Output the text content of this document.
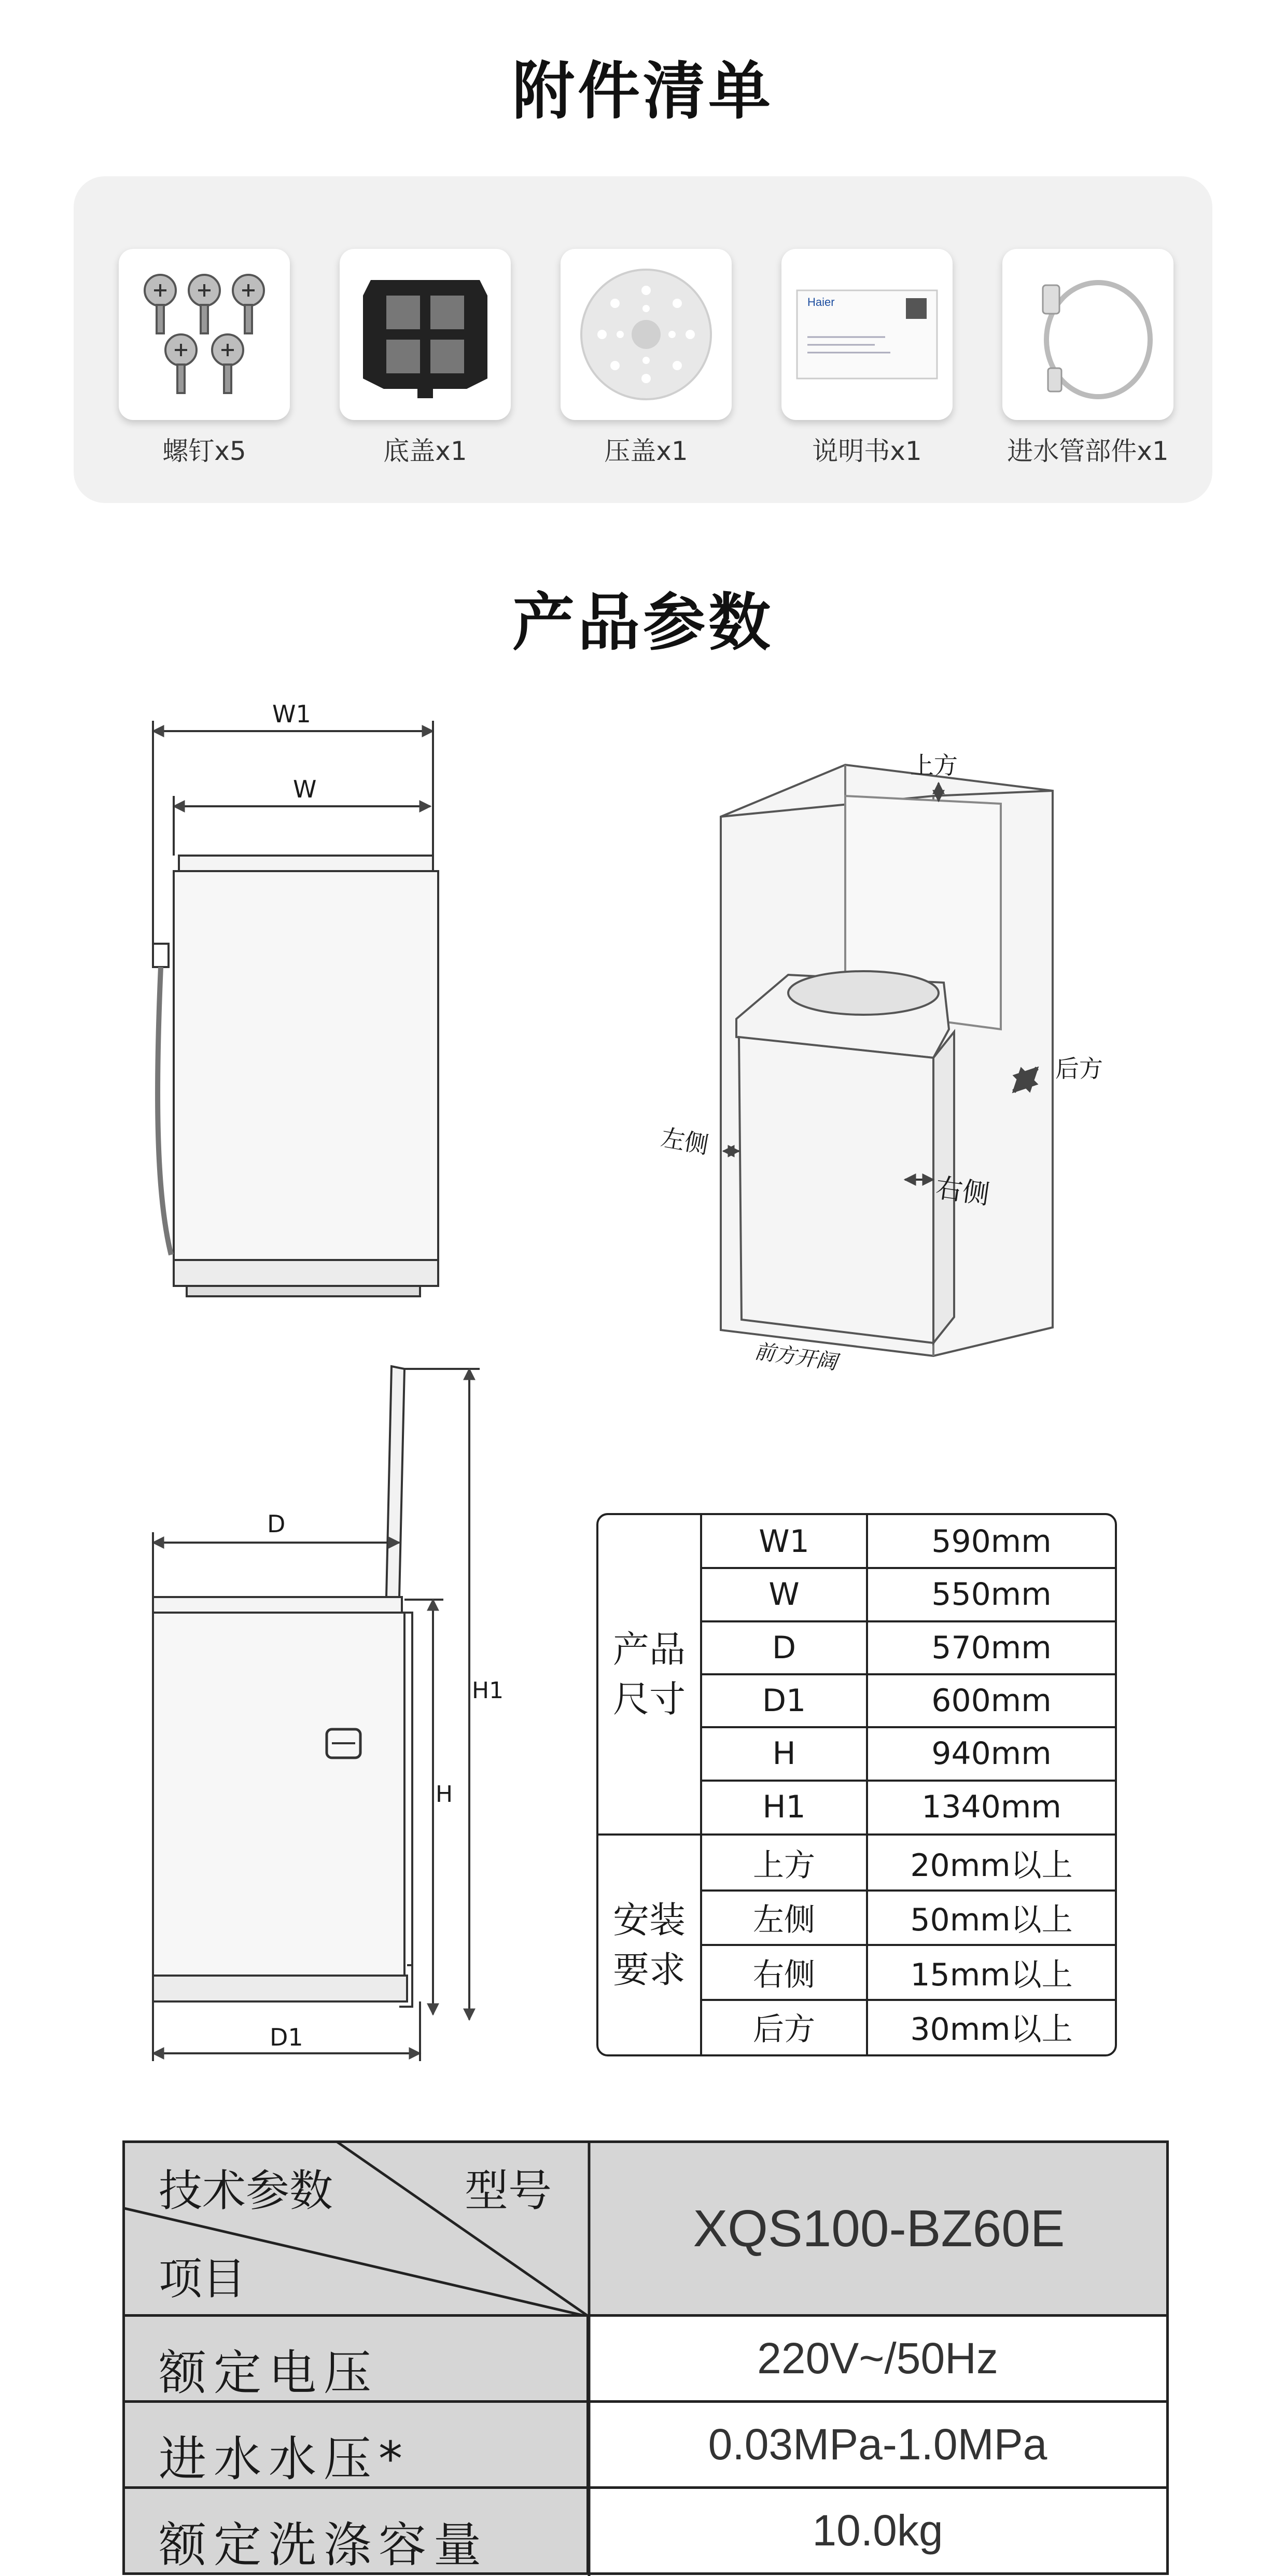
附件清单
螺钉x5	底盖x1	压盖x1
Haier
说明书x1	进水管部件x1
产品参数
W1
W
D
D1
H
H1
上方
后方
左侧
右侧
前方开阔
W1	590mm
W	550mm
D	570mm
D1	600mm
H	940mm
H1	1340mm
上方	20mm以上
左侧	50mm以上
右侧	15mm以上
后方	30mm以上
产品
尺寸
安装
要求
技术参数	型号
项目
XQS100-BZ60E
额定电压	220V~/50Hz
进水水压*	0.03MPa-1.0MPa
额定洗涤容量	10.0kg
